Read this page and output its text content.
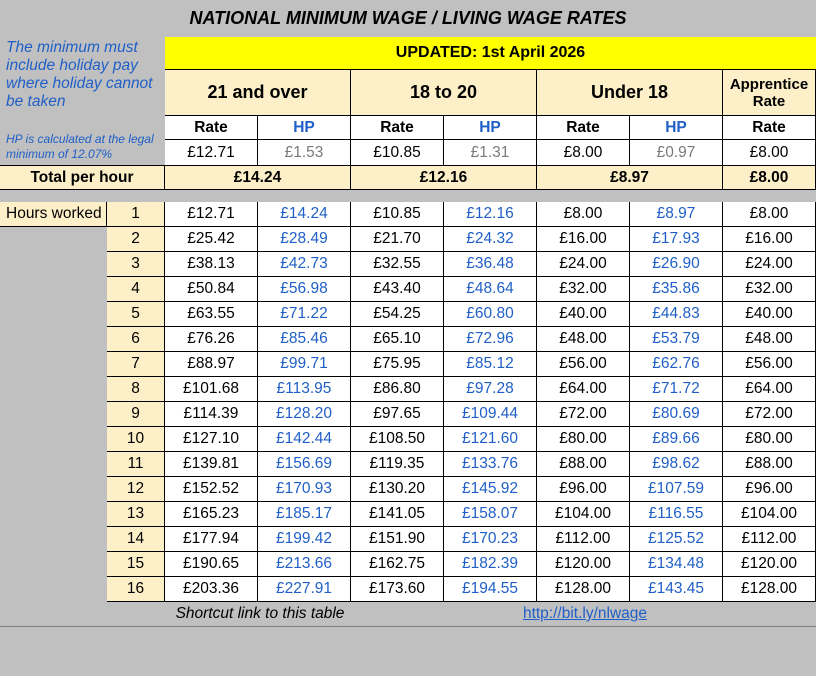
NATIONAL MINIMUM WAGE / LIVING WAGE RATES
The minimum must include holiday pay where holiday cannot be taken
HP is calculated at the legal minimum of 12.07%
UPDATED: 1st April 2026
21 and over	18 to 20	Under 18	Apprentice Rate
Rate	HP	Rate	HP	Rate	HP	Rate
£12.71	£1.53	£10.85	£1.31	£8.00	£0.97	£8.00
Total per hour	£14.24	£12.16	£8.97	£8.00
Hours worked	1	£12.71	£14.24	£10.85	£12.16	£8.00	£8.97	£8.00
2	£25.42	£28.49	£21.70	£24.32	£16.00	£17.93	£16.00
3	£38.13	£42.73	£32.55	£36.48	£24.00	£26.90	£24.00
4	£50.84	£56.98	£43.40	£48.64	£32.00	£35.86	£32.00
5	£63.55	£71.22	£54.25	£60.80	£40.00	£44.83	£40.00
6	£76.26	£85.46	£65.10	£72.96	£48.00	£53.79	£48.00
7	£88.97	£99.71	£75.95	£85.12	£56.00	£62.76	£56.00
8	£101.68	£113.95	£86.80	£97.28	£64.00	£71.72	£64.00
9	£114.39	£128.20	£97.65	£109.44	£72.00	£80.69	£72.00
10	£127.10	£142.44	£108.50	£121.60	£80.00	£89.66	£80.00
11	£139.81	£156.69	£119.35	£133.76	£88.00	£98.62	£88.00
12	£152.52	£170.93	£130.20	£145.92	£96.00	£107.59	£96.00
13	£165.23	£185.17	£141.05	£158.07	£104.00	£116.55	£104.00
14	£177.94	£199.42	£151.90	£170.23	£112.00	£125.52	£112.00
15	£190.65	£213.66	£162.75	£182.39	£120.00	£134.48	£120.00
16	£203.36	£227.91	£173.60	£194.55	£128.00	£143.45	£128.00
Shortcut link to this table	http://bit.ly/nlwage
